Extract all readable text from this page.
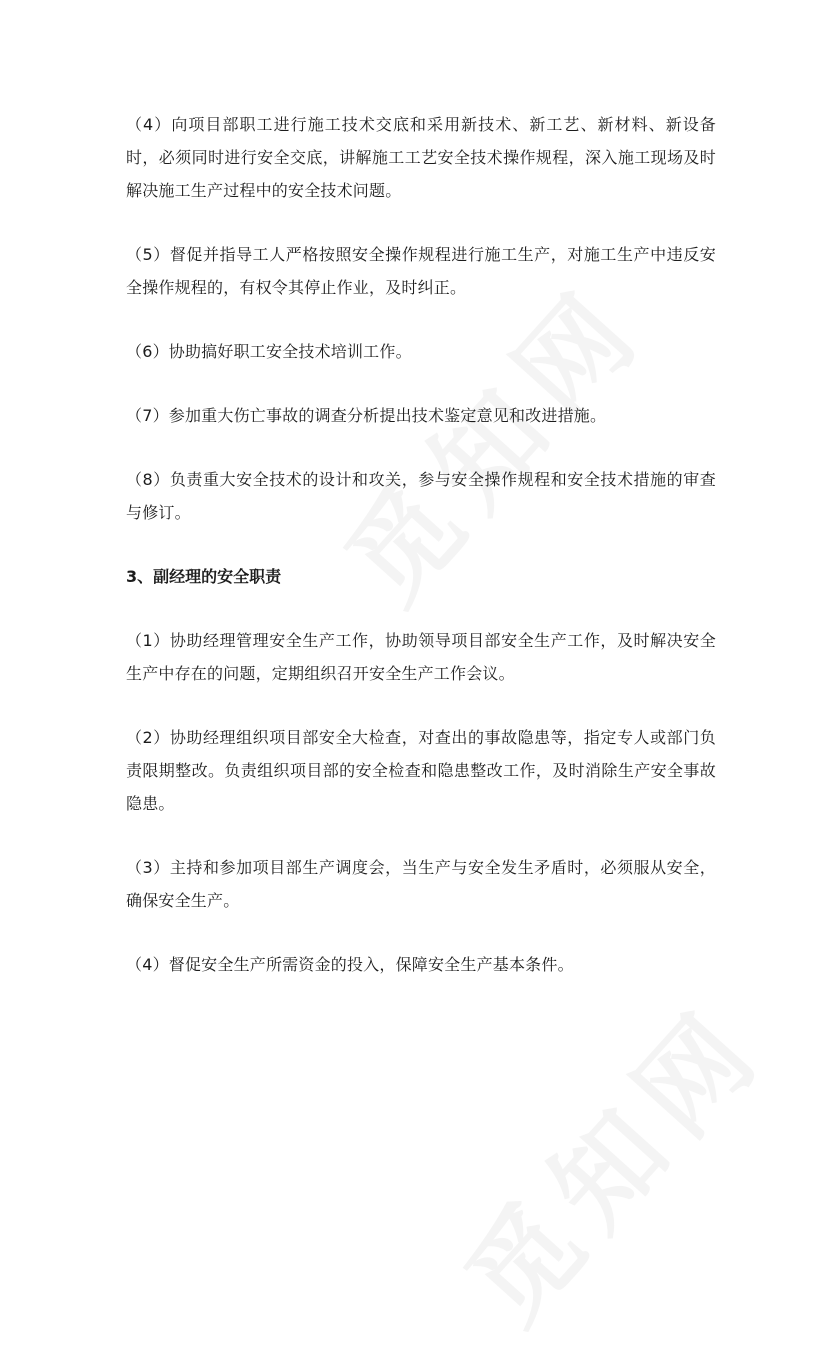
（4）向项目部职工进行施工技术交底和采用新技术、新工艺、新材料、新设备时，必须同时进行安全交底，讲解施工工艺安全技术操作规程，深入施工现场及时解决施工生产过程中的安全技术问题。

（5）督促并指导工人严格按照安全操作规程进行施工生产，对施工生产中违反安全操作规程的，有权令其停止作业，及时纠正。

（6）协助搞好职工安全技术培训工作。

（7）参加重大伤亡事故的调查分析提出技术鉴定意见和改进措施。

（8）负责重大安全技术的设计和攻关，参与安全操作规程和安全技术措施的审查与修订。

3、副经理的安全职责

（1）协助经理管理安全生产工作，协助领导项目部安全生产工作，及时解决安全生产中存在的问题，定期组织召开安全生产工作会议。

（2）协助经理组织项目部安全大检查，对查出的事故隐患等，指定专人或部门负责限期整改。负责组织项目部的安全检查和隐患整改工作，及时消除生产安全事故隐患。

（3）主持和参加项目部生产调度会，当生产与安全发生矛盾时，必须服从安全，确保安全生产。

（4）督促安全生产所需资金的投入，保障安全生产基本条件。
